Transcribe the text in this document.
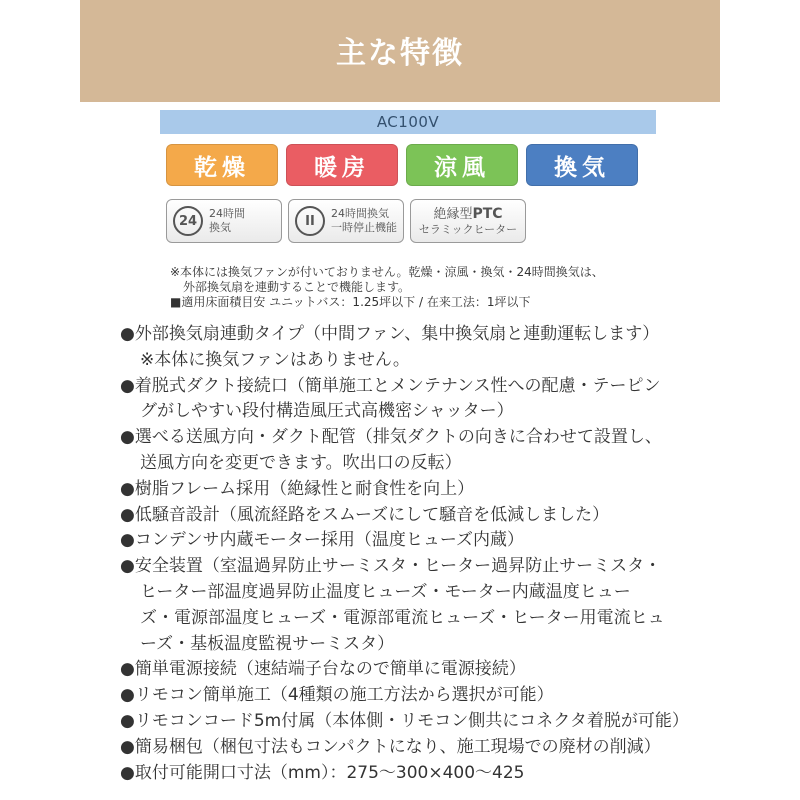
主な特徴
AC100V
乾燥	暖房	涼風	換気
24	24時間
換気	II	24時間換気
一時停止機能
絶縁型PTC
セラミックヒーター
※本体には換気ファンが付いておりません。乾燥・涼風・換気・24時間換気は、
外部換気扇を連動することで機能します。
■適用床面積目安 ユニットバス：1.25坪以下 / 在来工法：1坪以下
●外部換気扇連動タイプ（中間ファン、集中換気扇と連動運転します）
※本体に換気ファンはありません。
●着脱式ダクト接続口（簡単施工とメンテナンス性への配慮・テーピン
グがしやすい段付構造風圧式高機密シャッター）
●選べる送風方向・ダクト配管（排気ダクトの向きに合わせて設置し、
送風方向を変更できます。吹出口の反転）
●樹脂フレーム採用（絶縁性と耐食性を向上）
●低騒音設計（風流経路をスムーズにして騒音を低減しました）
●コンデンサ内蔵モーター採用（温度ヒューズ内蔵）
●安全装置（室温過昇防止サーミスタ・ヒーター過昇防止サーミスタ・
ヒーター部温度過昇防止温度ヒューズ・モーター内蔵温度ヒュー
ズ・電源部温度ヒューズ・電源部電流ヒューズ・ヒーター用電流ヒュ
ーズ・基板温度監視サーミスタ）
●簡単電源接続（速結端子台なので簡単に電源接続）
●リモコン簡単施工（4種類の施工方法から選択が可能）
●リモコンコード5m付属（本体側・リモコン側共にコネクタ着脱が可能）
●簡易梱包（梱包寸法もコンパクトになり、施工現場での廃材の削減）
●取付可能開口寸法（mm）：275〜300×400〜425
